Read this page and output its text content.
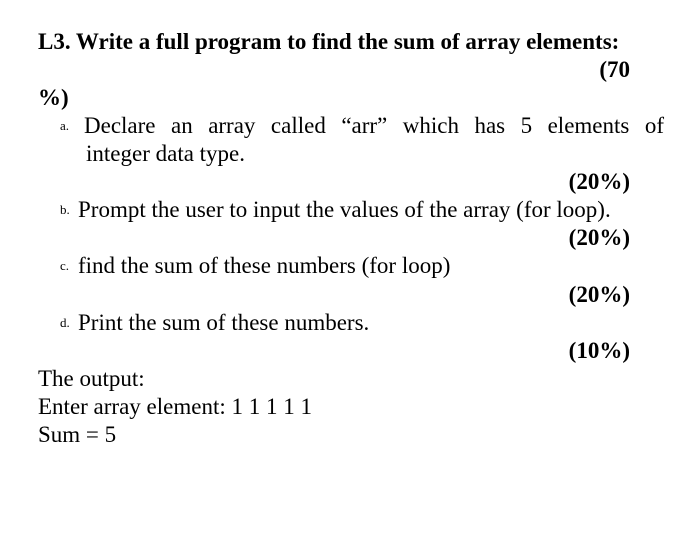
L3. Write a full program to find the sum of array elements:
(70
%)
a. Declare an array called “arr” which has 5 elements of
integer data type.
(20%)
b. Prompt the user to input the values of the array (for loop).
(20%)
c. find the sum of these numbers (for loop)
(20%)
d. Print the sum of these numbers.
(10%)
The output:
Enter array element: 1 1 1 1 1
Sum = 5
